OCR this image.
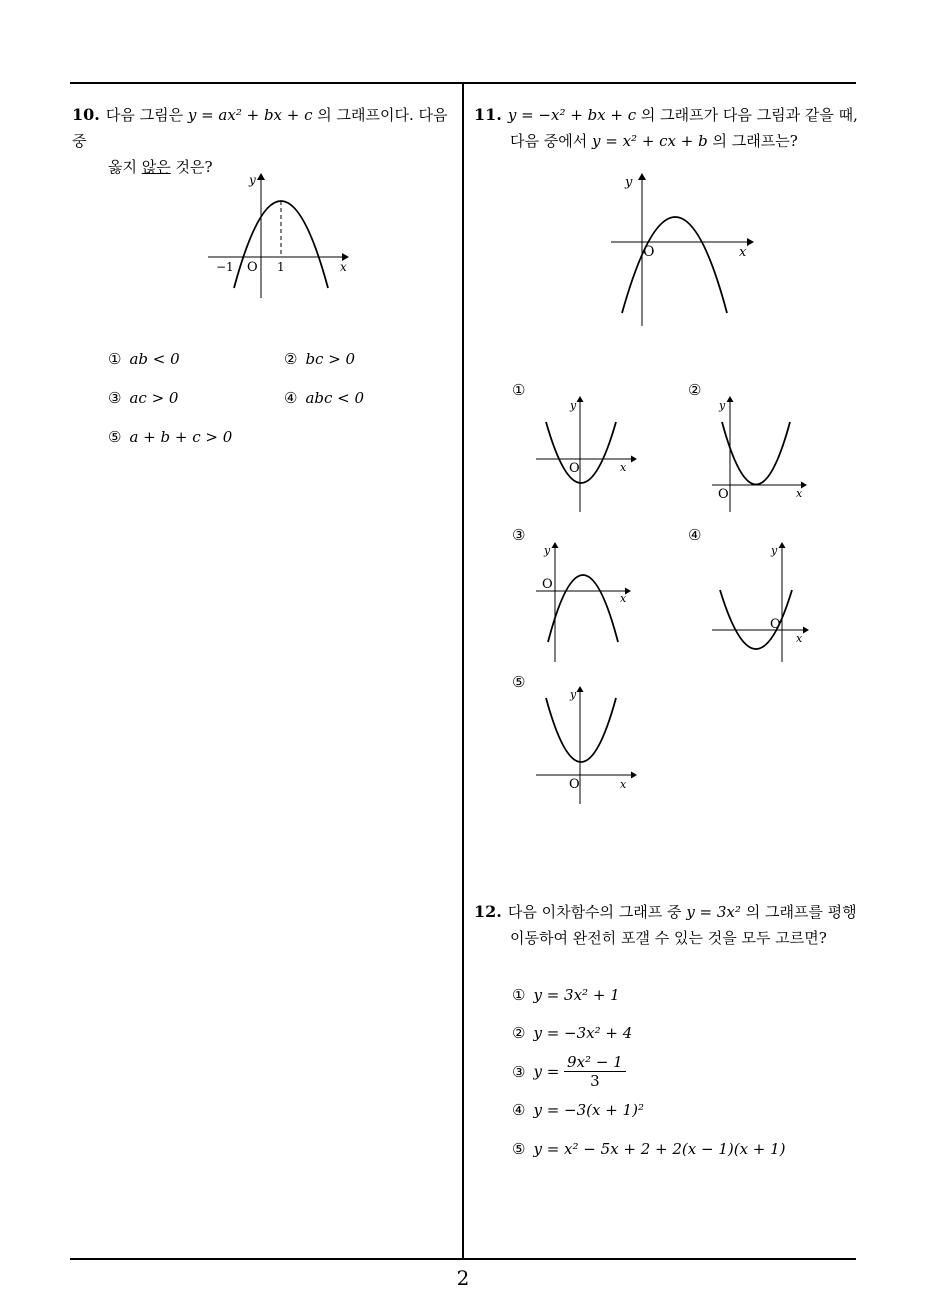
10. 다음 그림은 y = ax² + bx + c 의 그래프이다. 다음 중
옳지 않은 것은?
y
x
O
−1	1
① ab < 0	② bc > 0
③ ac > 0	④ abc < 0
⑤ a + b + c > 0
11. y = −x² + bx + c 의 그래프가 다음 그림과 같을 때,
다음 중에서 y = x² + cx + b 의 그래프는?
y
x
O
①	②
③	④
⑤
y
x
O
y
x
O
y
x
O
y
x
O
y
x
O
12. 다음 이차함수의 그래프 중 y = 3x² 의 그래프를 평행
이동하여 완전히 포갤 수 있는 것을 모두 고르면?
① y = 3x² + 1
② y = −3x² + 4
③ $y = \frac{\text{9x² − 1}}{3}$
④ y = −3(x + 1)²
⑤ y = x² − 5x + 2 + 2(x − 1)(x + 1)
2
